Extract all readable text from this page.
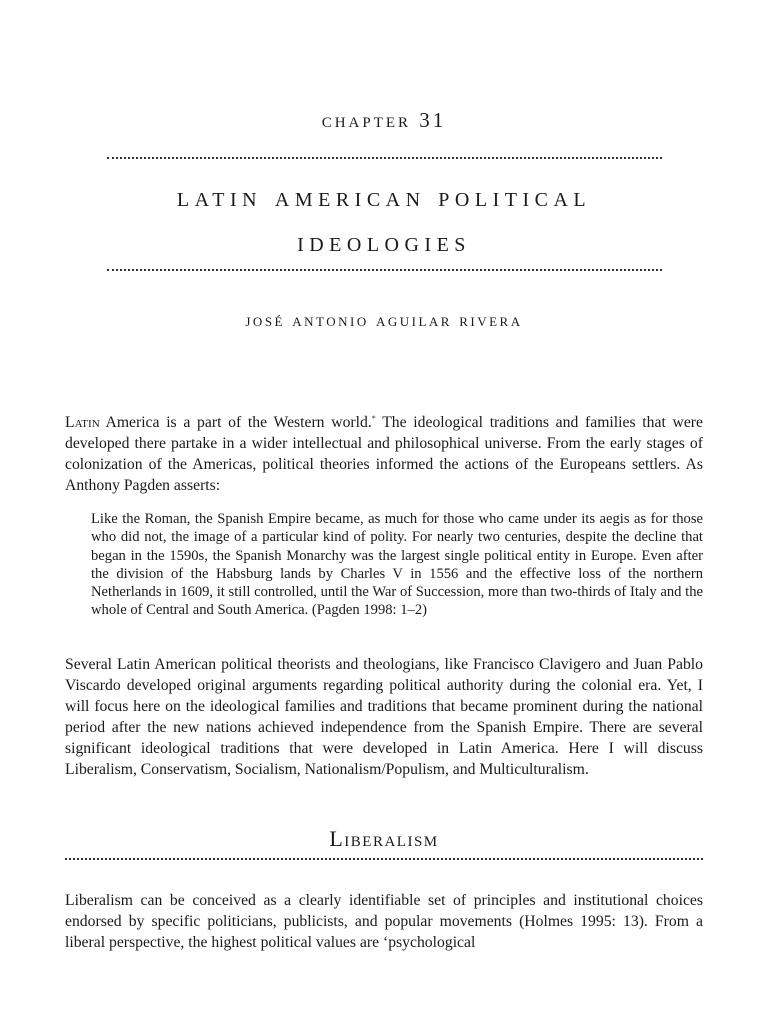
chapter 31
latin american political
ideologies
josé antonio aguilar rivera

Latin America is a part of the Western world.* The ideological traditions and families that were developed there partake in a wider intellectual and philosophical universe. From the early stages of colonization of the Americas, political theories informed the actions of the Europeans settlers. As Anthony Pagden asserts:

Like the Roman, the Spanish Empire became, as much for those who came under its aegis as for those who did not, the image of a particular kind of polity. For nearly two centuries, despite the decline that began in the 1590s, the Spanish Monarchy was the largest single political entity in Europe. Even after the division of the Habsburg lands by Charles V in 1556 and the effective loss of the northern Netherlands in 1609, it still controlled, until the War of Succession, more than two-thirds of Italy and the whole of Central and South America. (Pagden 1998: 1–2)

Several Latin American political theorists and theologians, like Francisco Clavigero and Juan Pablo Viscardo developed original arguments regarding political authority during the colonial era. Yet, I will focus here on the ideological families and traditions that became prominent during the national period after the new nations achieved independence from the Spanish Empire. There are several significant ideological traditions that were developed in Latin America. Here I will discuss Liberalism, Conservatism, Socialism, Nationalism/Populism, and Multiculturalism.

Liberalism

Liberalism can be conceived as a clearly identifiable set of principles and institutional choices endorsed by specific politicians, publicists, and popular movements (Holmes 1995: 13). From a liberal perspective, the highest political values are ‘psychological
